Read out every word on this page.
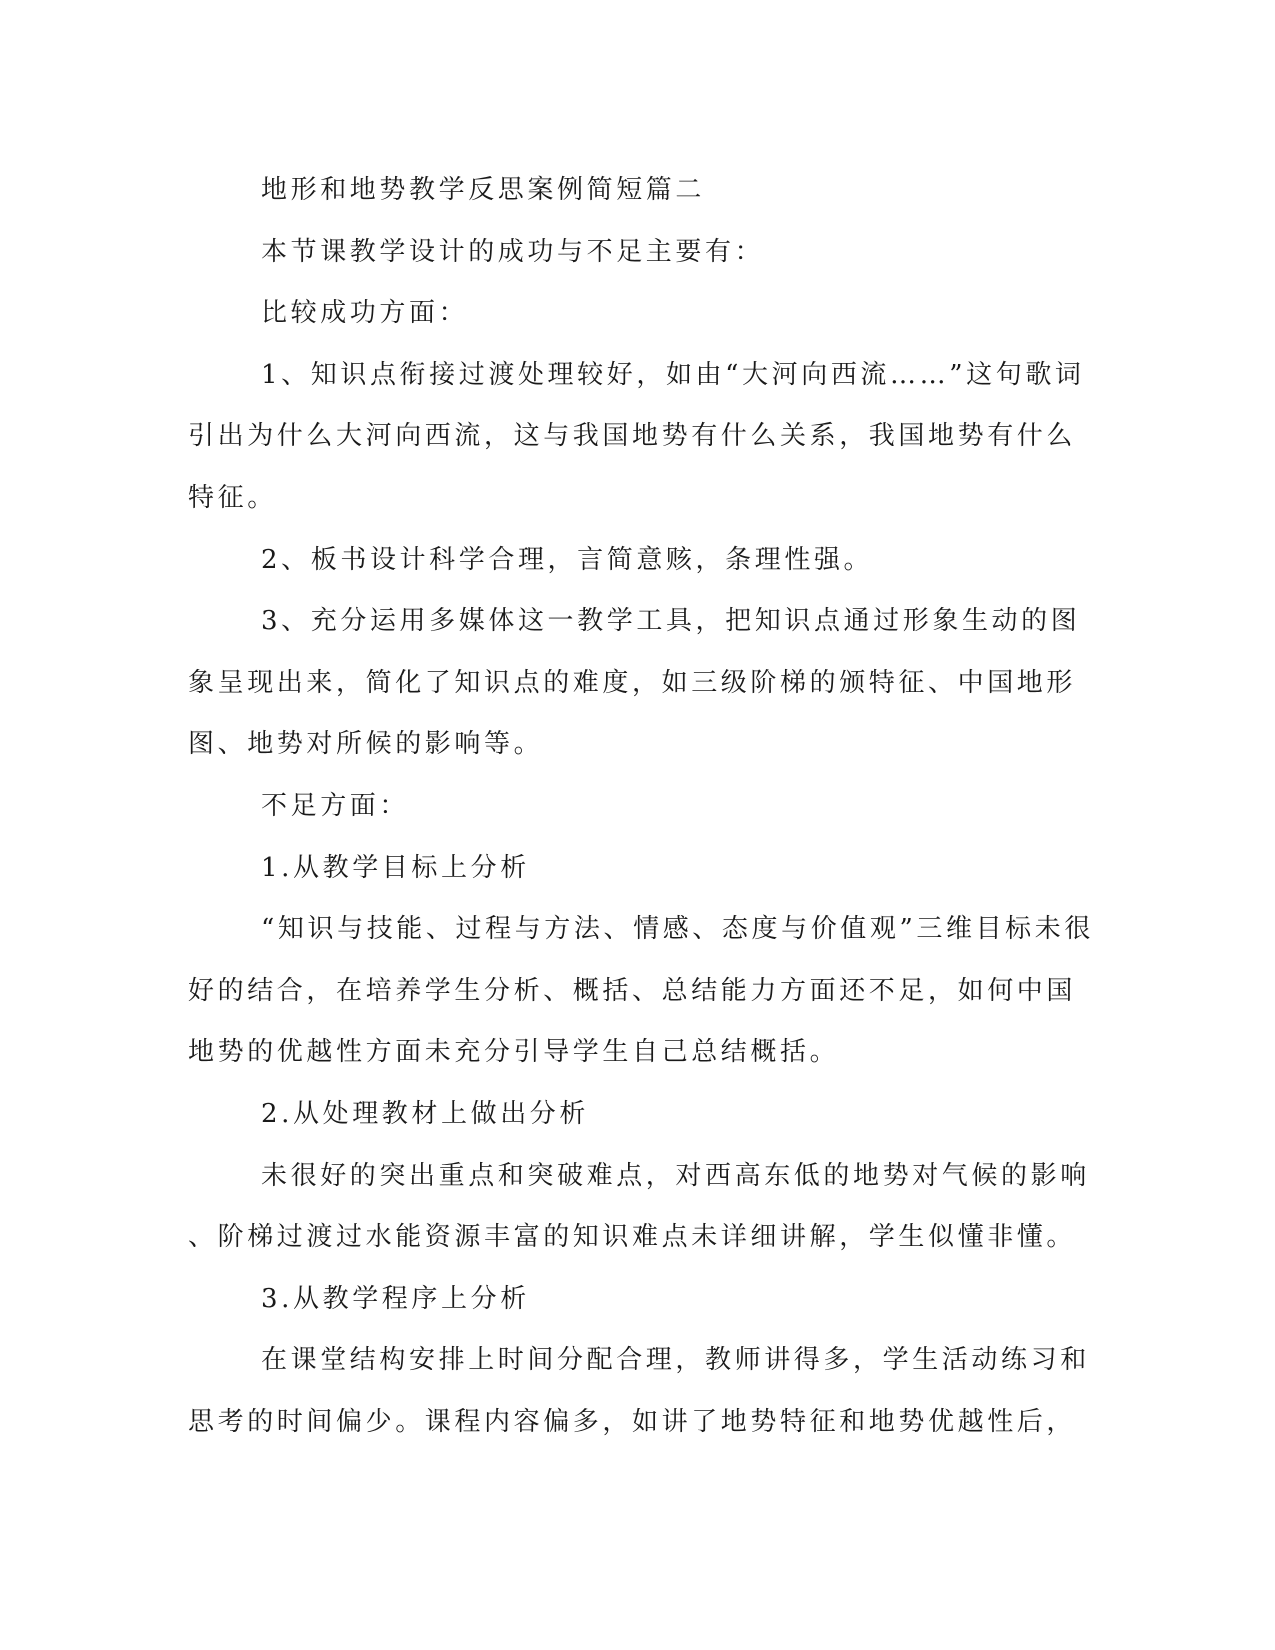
地形和地势教学反思案例简短篇二
本节课教学设计的成功与不足主要有：
比较成功方面：
1、知识点衔接过渡处理较好，如由“大河向西流……”这句歌词
引出为什么大河向西流，这与我国地势有什么关系，我国地势有什么
特征。
2、板书设计科学合理，言简意赅，条理性强。
3、充分运用多媒体这一教学工具，把知识点通过形象生动的图
象呈现出来，简化了知识点的难度，如三级阶梯的颁特征、中国地形
图、地势对所候的影响等。
不足方面：
1.从教学目标上分析
“知识与技能、过程与方法、情感、态度与价值观”三维目标未很
好的结合，在培养学生分析、概括、总结能力方面还不足，如何中国
地势的优越性方面未充分引导学生自己总结概括。
2.从处理教材上做出分析
未很好的突出重点和突破难点，对西高东低的地势对气候的影响
、阶梯过渡过水能资源丰富的知识难点未详细讲解，学生似懂非懂。
3.从教学程序上分析
在课堂结构安排上时间分配合理，教师讲得多，学生活动练习和
思考的时间偏少。课程内容偏多，如讲了地势特征和地势优越性后，
